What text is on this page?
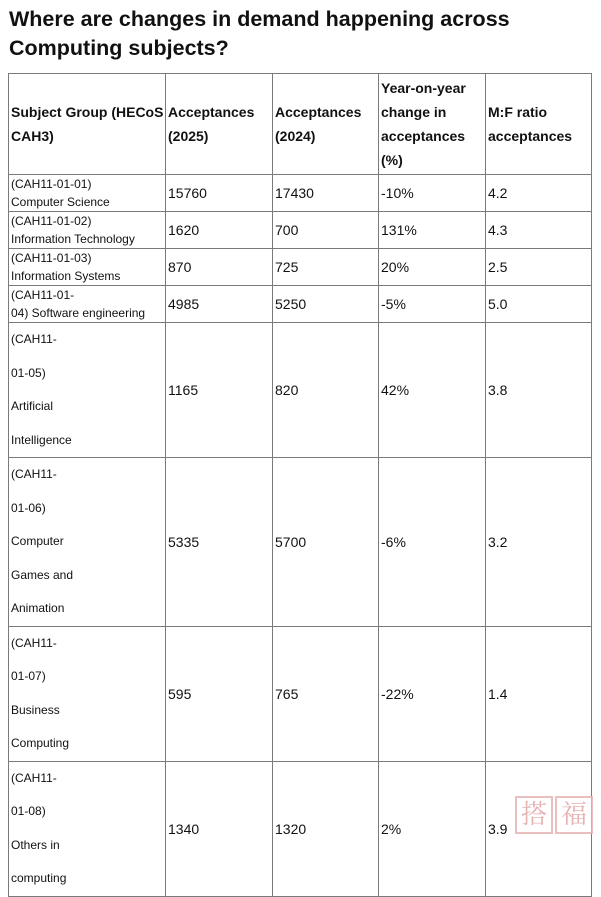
Where are changes in demand happening across Computing subjects?
Subject Group (HECoS CAH3)	Acceptances (2025)	Acceptances (2024)	Year-on-year change in acceptances (%)	M:F ratio acceptances
(CAH11-01-01)
Computer Science	15760	17430	-10%	4.2
(CAH11-01-02)
Information Technology	1620	700	131%	4.3
(CAH11-01-03)
Information Systems	870	725	20%	2.5
(CAH11-01-
04) Software engineering	4985	5250	-5%	5.0
(CAH11-
01-05)
Artificial
Intelligence	1165	820	42%	3.8
(CAH11-
01-06)
Computer
Games and
Animation	5335	5700	-6%	3.2
(CAH11-
01-07)
Business
Computing	595	765	-22%	1.4
(CAH11-
01-08)
Others in
computing	1340	1320	2%	3.9 搭 福
